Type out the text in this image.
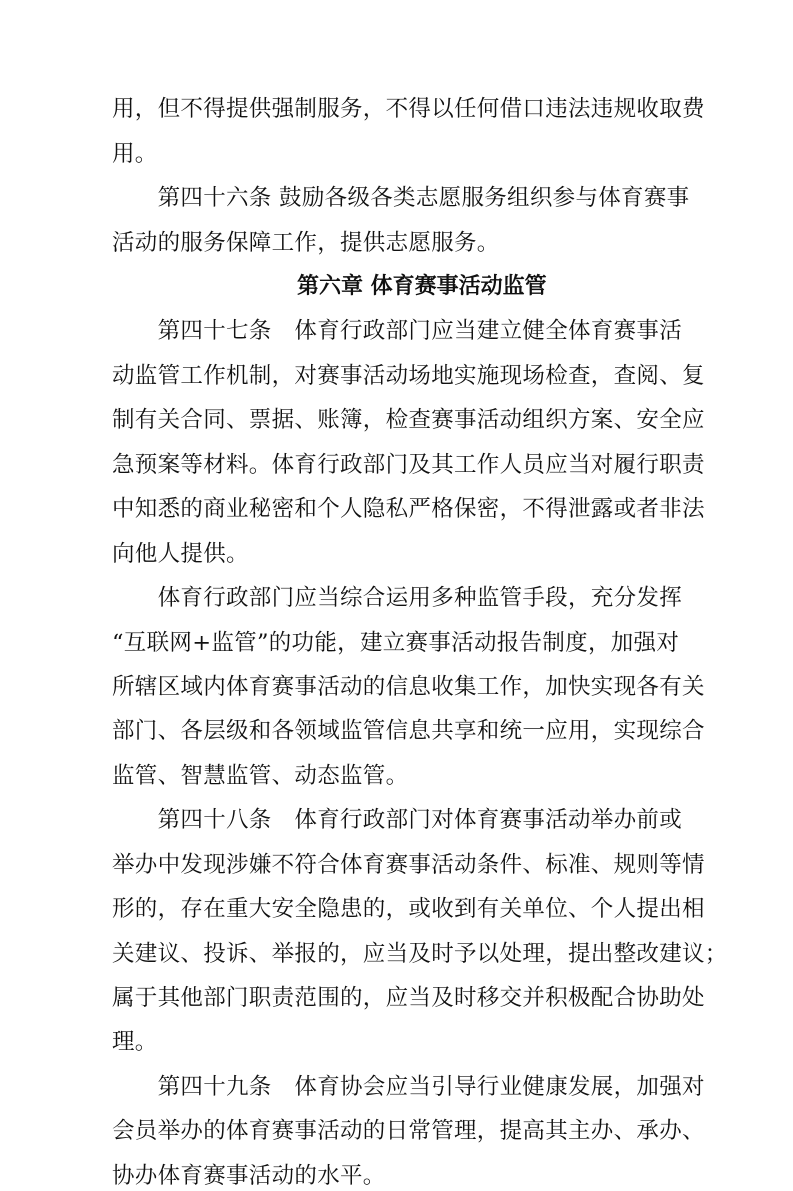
用，但不得提供强制服务，不得以任何借口违法违规收取费
用。
　　第四十六条 鼓励各级各类志愿服务组织参与体育赛事
活动的服务保障工作，提供志愿服务。
第六章 体育赛事活动监管
　　第四十七条　体育行政部门应当建立健全体育赛事活
动监管工作机制，对赛事活动场地实施现场检查，查阅、复
制有关合同、票据、账簿，检查赛事活动组织方案、安全应
急预案等材料。体育行政部门及其工作人员应当对履行职责
中知悉的商业秘密和个人隐私严格保密，不得泄露或者非法
向他人提供。
　　体育行政部门应当综合运用多种监管手段，充分发挥
“互联网+监管”的功能，建立赛事活动报告制度，加强对
所辖区域内体育赛事活动的信息收集工作，加快实现各有关
部门、各层级和各领域监管信息共享和统一应用，实现综合
监管、智慧监管、动态监管。
　　第四十八条　体育行政部门对体育赛事活动举办前或
举办中发现涉嫌不符合体育赛事活动条件、标准、规则等情
形的，存在重大安全隐患的，或收到有关单位、个人提出相
关建议、投诉、举报的，应当及时予以处理，提出整改建议；
属于其他部门职责范围的，应当及时移交并积极配合协助处
理。
　　第四十九条　体育协会应当引导行业健康发展，加强对
会员举办的体育赛事活动的日常管理，提高其主办、承办、
协办体育赛事活动的水平。
